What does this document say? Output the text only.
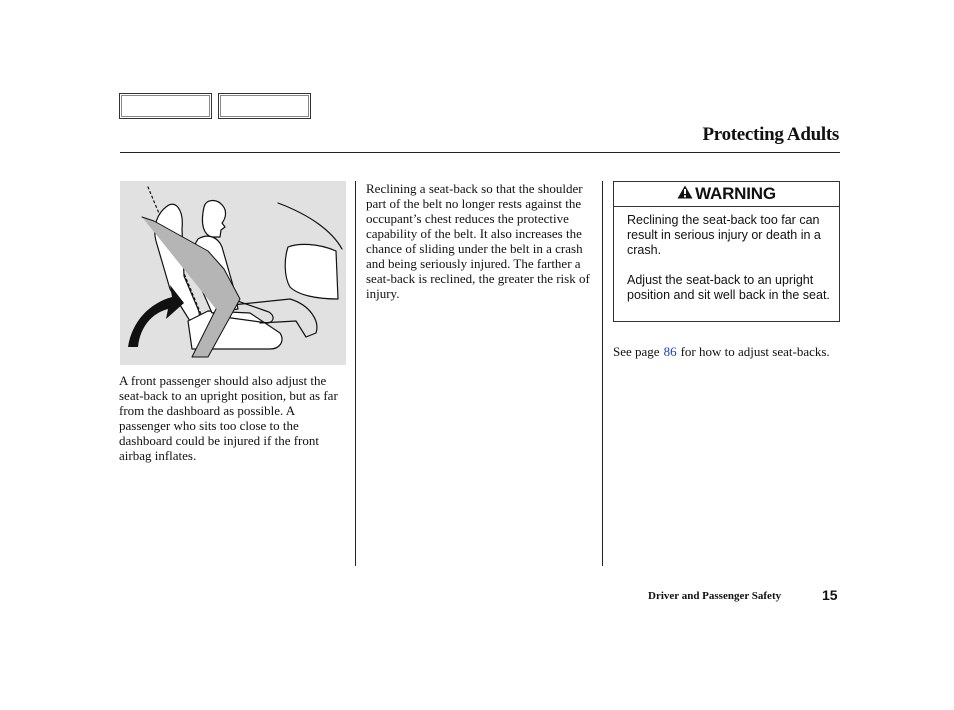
Protecting Adults
A front passenger should also adjust the seat-back to an upright position, but as far from the dashboard as possible. A passenger who sits too close to the dashboard could be injured if the front airbag inflates.
Reclining a seat-back so that the shoulder part of the belt no longer rests against the occupant’s chest reduces the protective capability of the belt. It also increases the chance of sliding under the belt in a crash and being seriously injured. The farther a seat-back is reclined, the greater the risk of injury.
WARNING

Reclining the seat-back too far can result in serious injury or death in a crash.

Adjust the seat-back to an upright position and sit well back in the seat.

See page 86 for how to adjust seat-backs.
Driver and Passenger Safety	15
